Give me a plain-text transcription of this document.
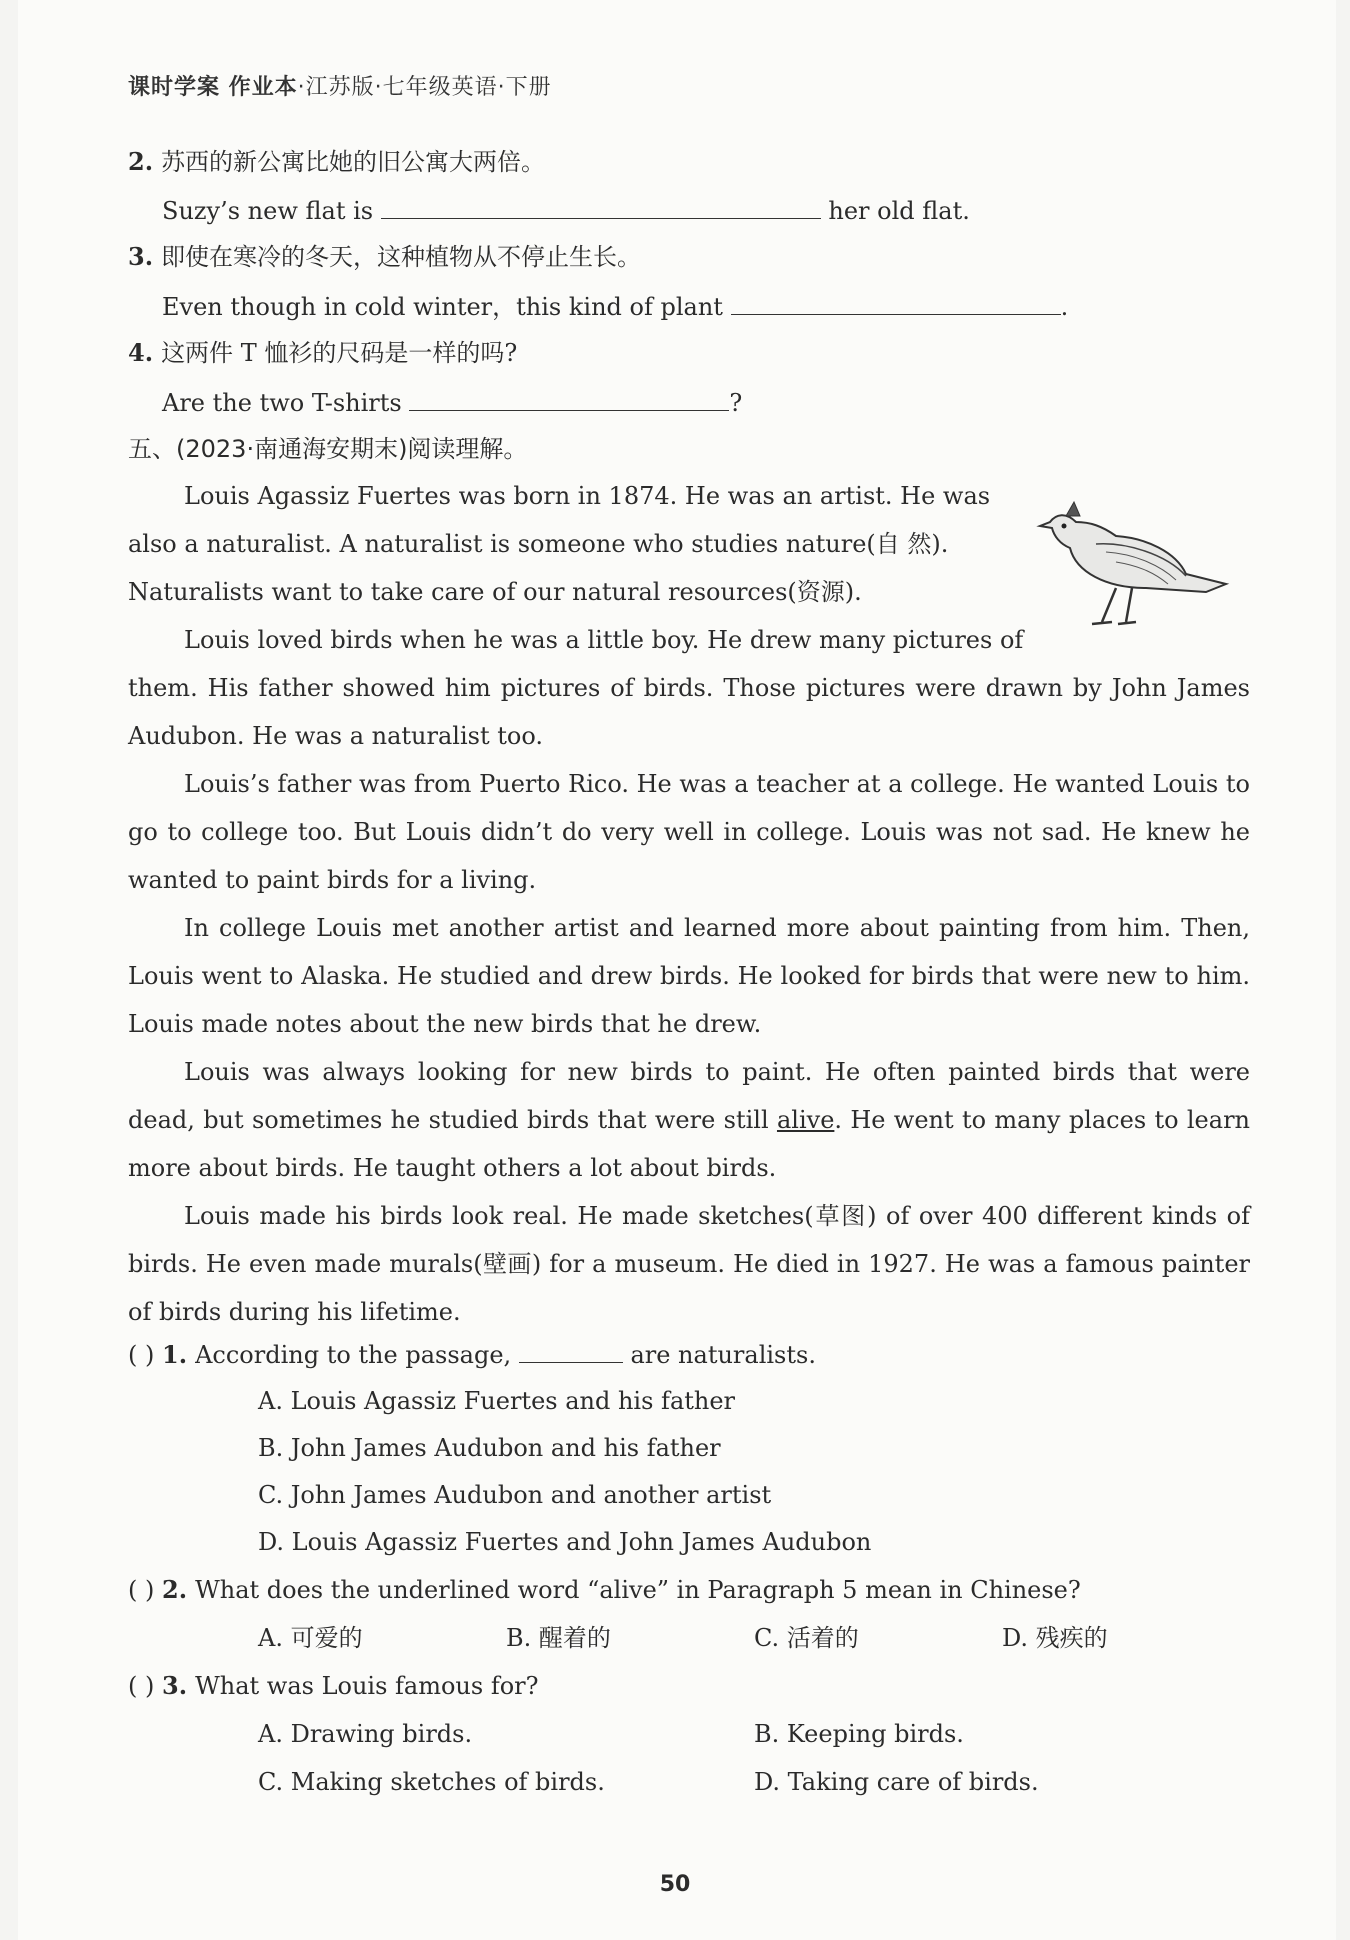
课时学案 作业本·江苏版·七年级英语·下册
2. 苏西的新公寓比她的旧公寓大两倍。
Suzy’s new flat is	her old flat.
3. 即使在寒冷的冬天，这种植物从不停止生长。
Even though in cold winter，this kind of plant	.
4. 这两件 T 恤衫的尺码是一样的吗?
Are the two T-shirts	?
五、(2023·南通海安期末)阅读理解。
Louis Agassiz Fuertes was born in 1874. He was an artist. He was
also a naturalist. A naturalist is someone who studies nature(自 然).
Naturalists want to take care of our natural resources(资源).
Louis loved birds when he was a little boy. He drew many pictures of

them. His father showed him pictures of birds. Those pictures were drawn by John James Audubon. He was a naturalist too.

Louis’s father was from Puerto Rico. He was a teacher at a college. He wanted Louis to go to college too. But Louis didn’t do very well in college. Louis was not sad. He knew he wanted to paint birds for a living.

In college Louis met another artist and learned more about painting from him. Then, Louis went to Alaska. He studied and drew birds. He looked for birds that were new to him. Louis made notes about the new birds that he drew.

Louis was always looking for new birds to paint. He often painted birds that were dead, but sometimes he studied birds that were still alive. He went to many places to learn more about birds. He taught others a lot about birds.

Louis made his birds look real. He made sketches(草图) of over 400 different kinds of birds. He even made murals(壁画) for a museum. He died in 1927. He was a famous painter of birds during his lifetime.

( ) 1. According to the passage,	are naturalists.
A. Louis Agassiz Fuertes and his father
B. John James Audubon and his father
C. John James Audubon and another artist
D. Louis Agassiz Fuertes and John James Audubon
( ) 2. What does the underlined word “alive” in Paragraph 5 mean in Chinese?
A. 可爱的	B. 醒着的	C. 活着的	D. 残疾的
( ) 3. What was Louis famous for?
A. Drawing birds.	B. Keeping birds.
C. Making sketches of birds.	D. Taking care of birds.
50
